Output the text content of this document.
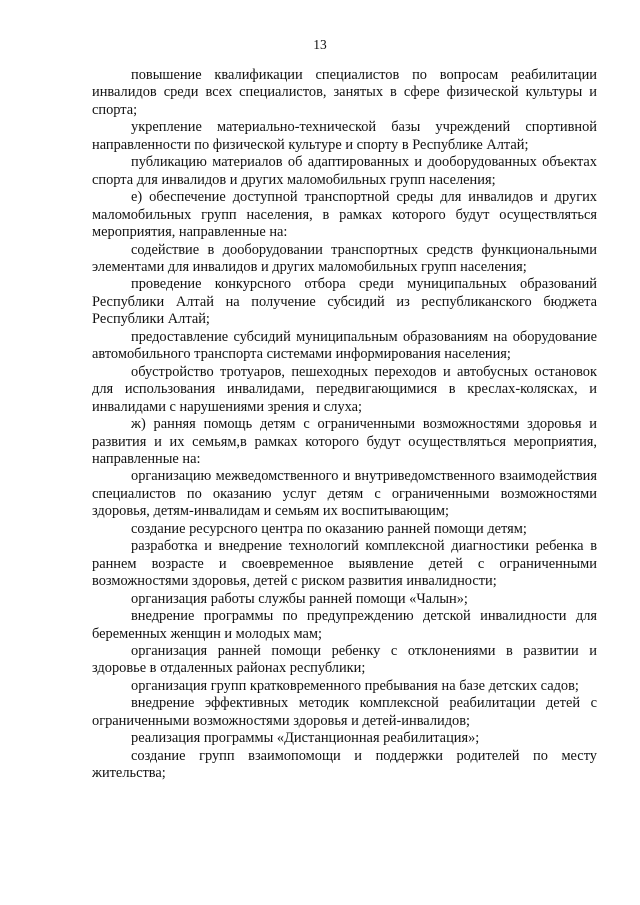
13

повышение квалификации специалистов по вопросам реабилитации инвалидов среди всех специалистов, занятых в сфере физической культуры и спорта;

укрепление материально-технической базы учреждений спортивной направленности по физической культуре и спорту в Республике Алтай;

публикацию материалов об адаптированных и дооборудованных объектах спорта для инвалидов и других маломобильных групп населения;

е) обеспечение доступной транспортной среды для инвалидов и других маломобильных групп населения, в рамках которого будут осуществляться мероприятия, направленные на:

содействие в дооборудовании транспортных средств функциональными элементами для инвалидов и других маломобильных групп населения;

проведение конкурсного отбора среди муниципальных образований Республики Алтай на получение субсидий из республиканского бюджета Республики Алтай;

предоставление субсидий муниципальным образованиям на оборудование автомобильного транспорта системами информирования населения;

обустройство тротуаров, пешеходных переходов и автобусных остановок для использования инвалидами, передвигающимися в креслах-колясках, и инвалидами с нарушениями зрения и слуха;

ж) ранняя помощь детям с ограниченными возможностями здоровья и развития и их семьям,в рамках которого будут осуществляться мероприятия, направленные на:

организацию межведомственного и внутриведомственного взаимодействия специалистов по оказанию услуг детям с ограниченными возможностями здоровья, детям-инвалидам и семьям их воспитывающим;

создание ресурсного центра по оказанию ранней помощи детям;

разработка и внедрение технологий комплексной диагностики ребенка в раннем возрасте и своевременное выявление детей с ограниченными возможностями здоровья, детей с риском развития инвалидности;

организация работы службы ранней помощи «Чалын»;

внедрение программы по предупреждению детской инвалидности для беременных женщин и молодых мам;

организация ранней помощи ребенку с отклонениями в развитии и здоровье в отдаленных районах республики;

организация групп кратковременного пребывания на базе детских садов;

внедрение эффективных методик комплексной реабилитации детей с ограниченными возможностями здоровья и детей-инвалидов;

реализация программы «Дистанционная реабилитация»;

создание групп взаимопомощи и поддержки родителей по месту жительства;
